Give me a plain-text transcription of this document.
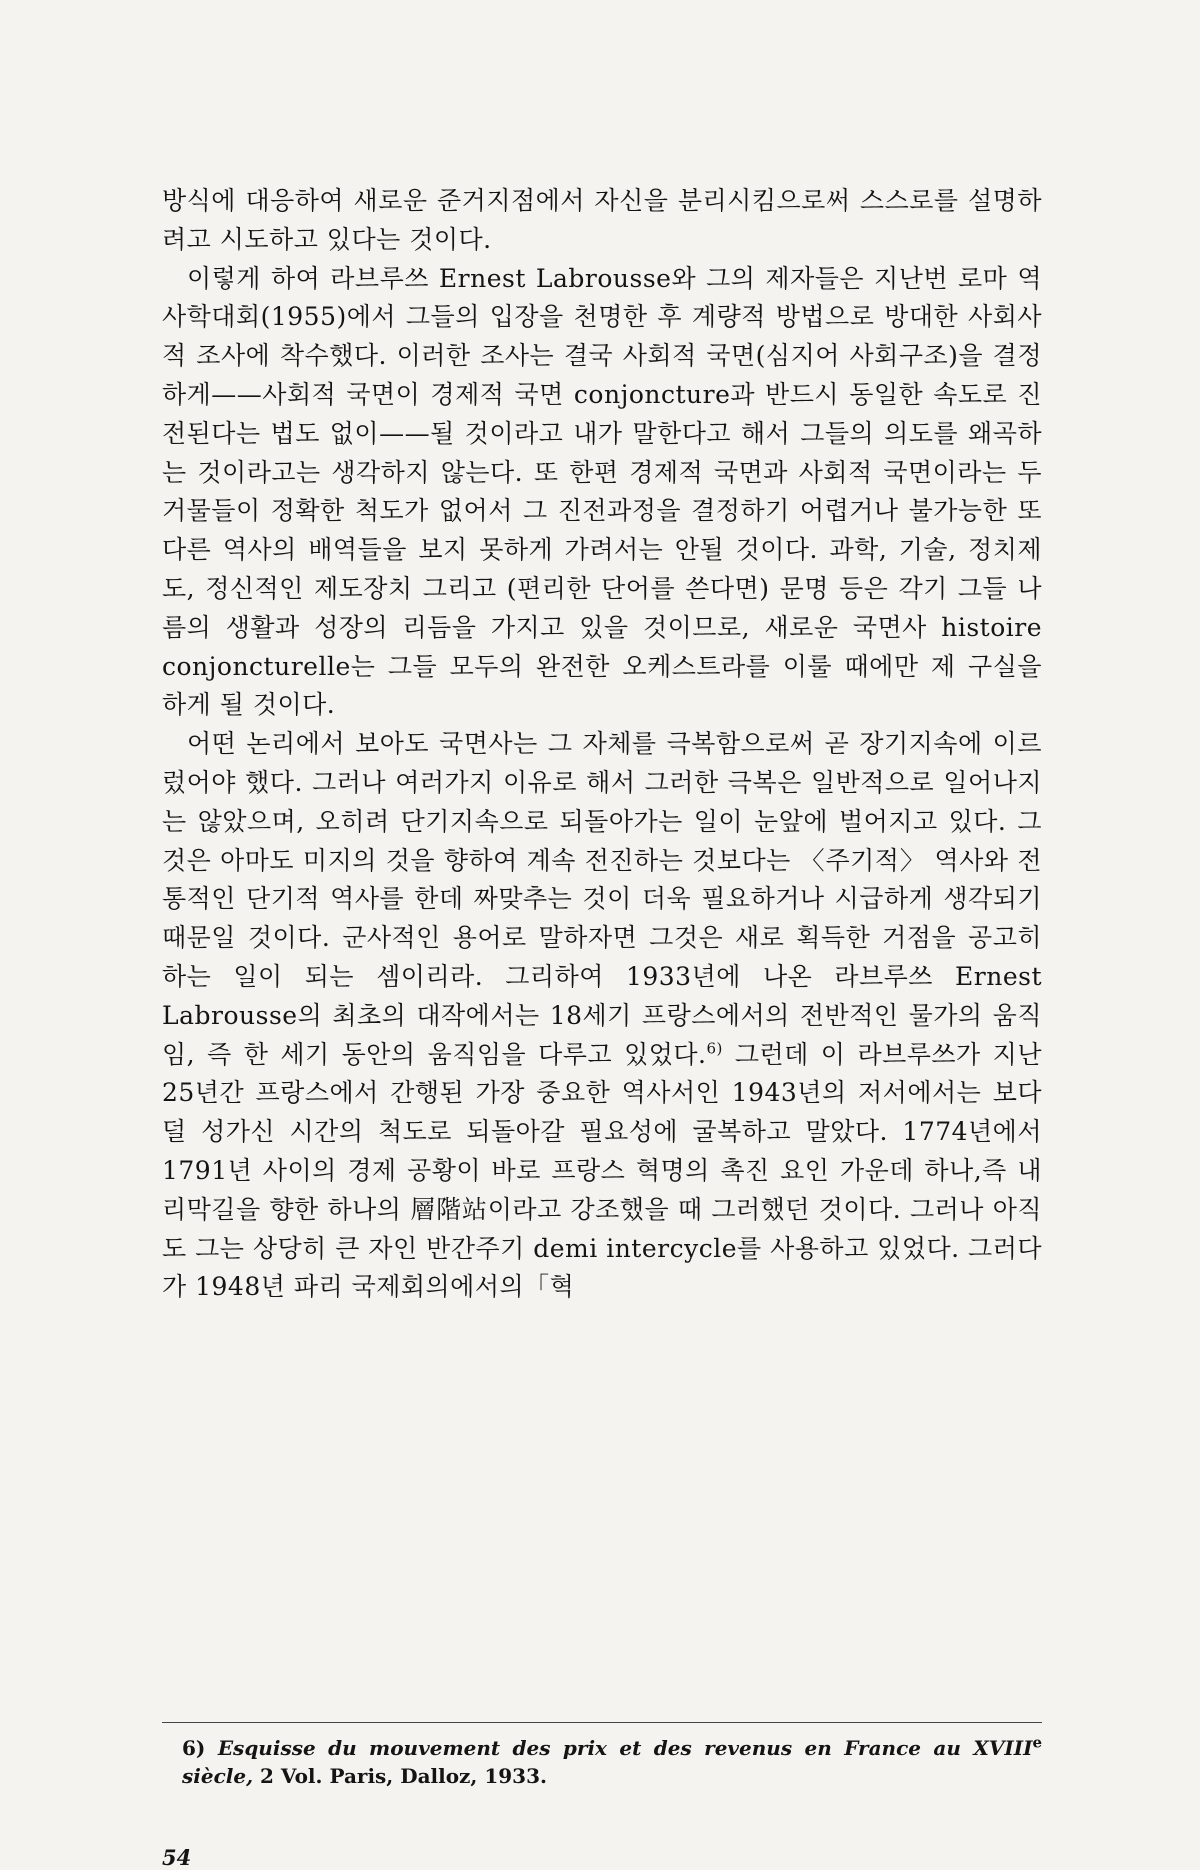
방식에 대응하여 새로운 준거지점에서 자신을 분리시킴으로써 스스로를 설명하려고 시도하고 있다는 것이다.

이렇게 하여 라브루쓰 Ernest Labrousse와 그의 제자들은 지난번 로마 역사학대회(1955)에서 그들의 입장을 천명한 후 계량적 방법으로 방대한 사회사적 조사에 착수했다. 이러한 조사는 결국 사회적 국면(심지어 사회구조)을 결정하게——사회적 국면이 경제적 국면 conjoncture과 반드시 동일한 속도로 진전된다는 법도 없이——될 것이라고 내가 말한다고 해서 그들의 의도를 왜곡하는 것이라고는 생각하지 않는다. 또 한편 경제적 국면과 사회적 국면이라는 두 거물들이 정확한 척도가 없어서 그 진전과정을 결정하기 어렵거나 불가능한 또 다른 역사의 배역들을 보지 못하게 가려서는 안될 것이다. 과학, 기술, 정치제도, 정신적인 제도장치 그리고 (편리한 단어를 쓴다면) 문명 등은 각기 그들 나름의 생활과 성장의 리듬을 가지고 있을 것이므로, 새로운 국면사 histoire conjoncturelle는 그들 모두의 완전한 오케스트라를 이룰 때에만 제 구실을 하게 될 것이다.

어떤 논리에서 보아도 국면사는 그 자체를 극복함으로써 곧 장기지속에 이르렀어야 했다. 그러나 여러가지 이유로 해서 그러한 극복은 일반적으로 일어나지는 않았으며, 오히려 단기지속으로 되돌아가는 일이 눈앞에 벌어지고 있다. 그것은 아마도 미지의 것을 향하여 계속 전진하는 것보다는 〈주기적〉 역사와 전통적인 단기적 역사를 한데 짜맞추는 것이 더욱 필요하거나 시급하게 생각되기 때문일 것이다. 군사적인 용어로 말하자면 그것은 새로 획득한 거점을 공고히 하는 일이 되는 셈이리라. 그리하여 1933년에 나온 라브루쓰 Ernest Labrousse의 최초의 대작에서는 18세기 프랑스에서의 전반적인 물가의 움직임, 즉 한 세기 동안의 움직임을 다루고 있었다.$^{6)}$ 그런데 이 라브루쓰가 지난 25년간 프랑스에서 간행된 가장 중요한 역사서인 1943년의 저서에서는 보다 덜 성가신 시간의 척도로 되돌아갈 필요성에 굴복하고 말았다. 1774년에서 1791년 사이의 경제 공황이 바로 프랑스 혁명의 촉진 요인 가운데 하나,즉 내리막길을 향한 하나의 層階站이라고 강조했을 때 그러했던 것이다. 그러나 아직도 그는 상당히 큰 자인 반간주기 demi intercycle를 사용하고 있었다. 그러다가 1948년 파리 국제회의에서의「혁

6) Esquisse du mouvement des prix et des revenus en France au XVIIIe siècle, 2 Vol. Paris, Dalloz, 1933.
54
